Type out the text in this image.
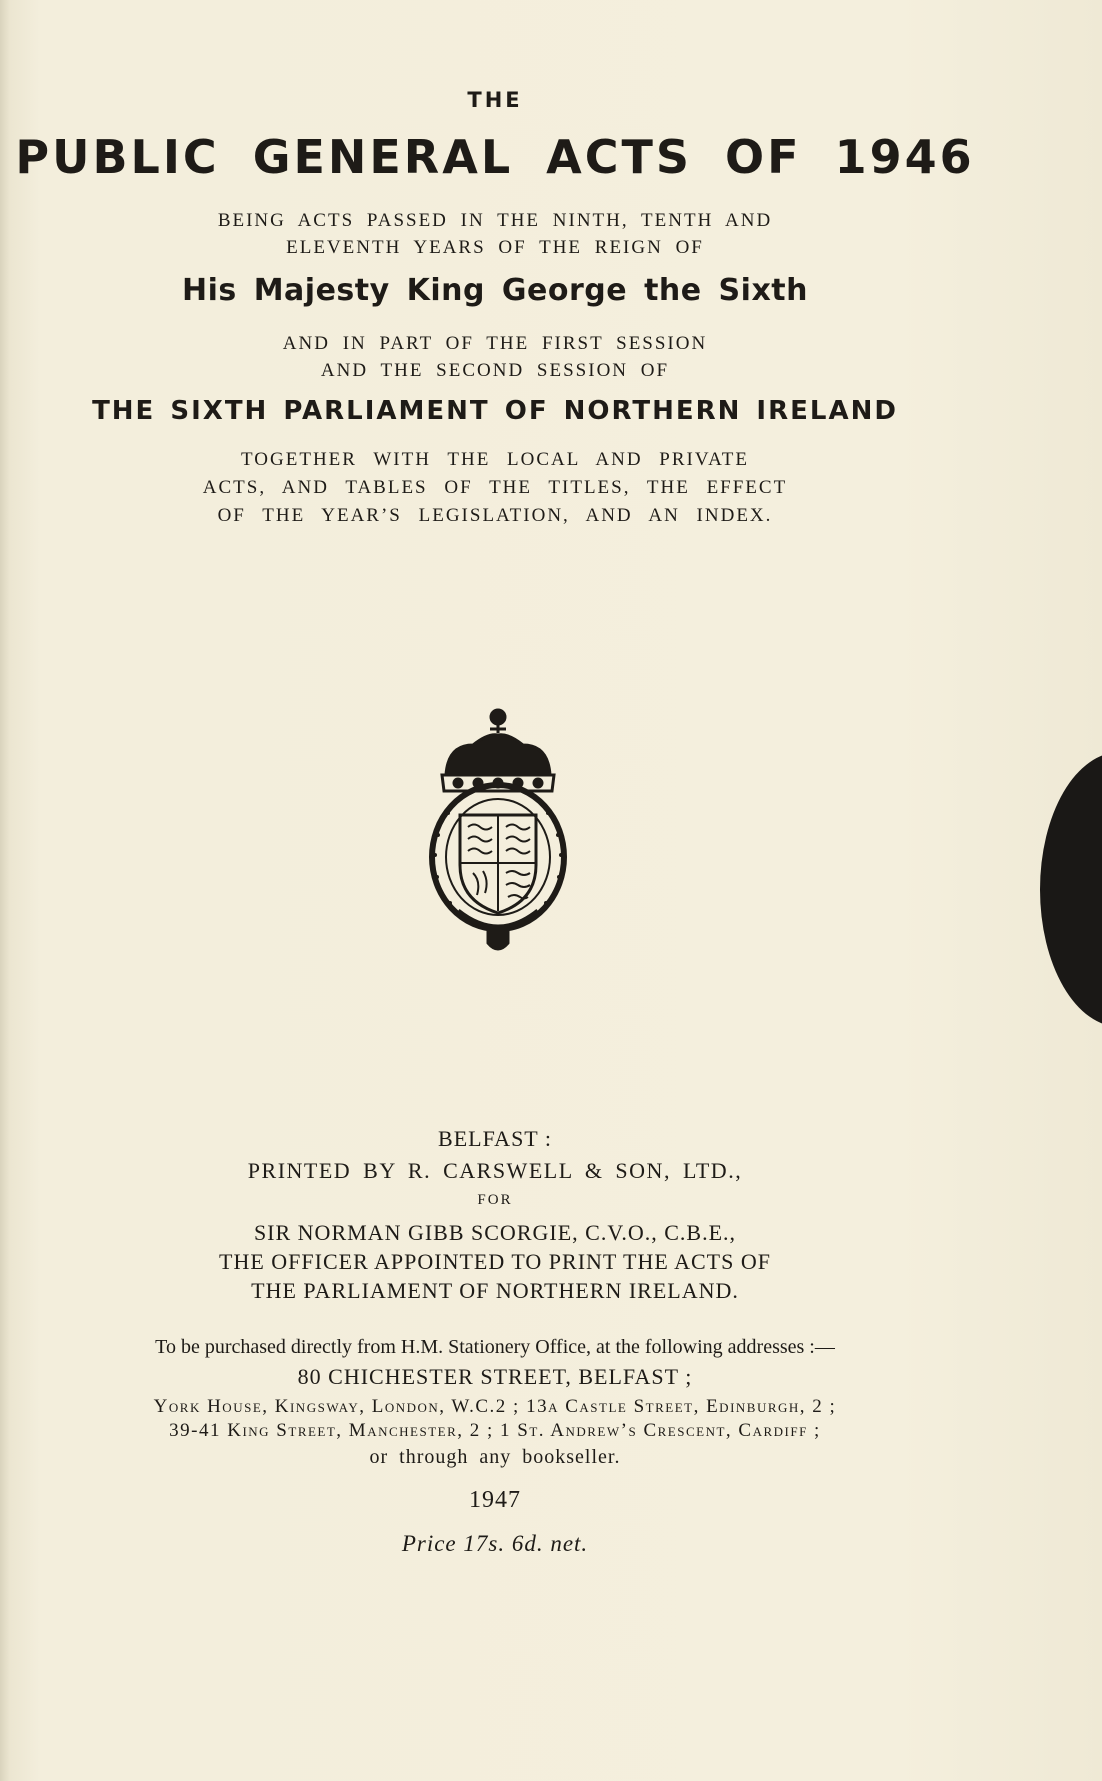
THE
PUBLIC GENERAL ACTS OF 1946
BEING ACTS PASSED IN THE NINTH, TENTH AND
ELEVENTH YEARS OF THE REIGN OF
His Majesty King George the Sixth
AND IN PART OF THE FIRST SESSION
AND THE SECOND SESSION OF
THE SIXTH PARLIAMENT OF NORTHERN IRELAND
TOGETHER WITH THE LOCAL AND PRIVATE
ACTS, AND TABLES OF THE TITLES, THE EFFECT
OF THE YEAR’S LEGISLATION, AND AN INDEX.
BELFAST :
PRINTED BY R. CARSWELL & SON, LTD.,
FOR
SIR NORMAN GIBB SCORGIE, C.V.O., C.B.E.,
THE OFFICER APPOINTED TO PRINT THE ACTS OF
THE PARLIAMENT OF NORTHERN IRELAND.
To be purchased directly from H.M. Stationery Office, at the following addresses :—
80 CHICHESTER STREET, BELFAST ;
York House, Kingsway, London, W.C.2 ; 13a Castle Street, Edinburgh, 2 ;
39-41 King Street, Manchester, 2 ; 1 St. Andrew’s Crescent, Cardiff ;
or through any bookseller.
1947
Price 17s. 6d. net.
